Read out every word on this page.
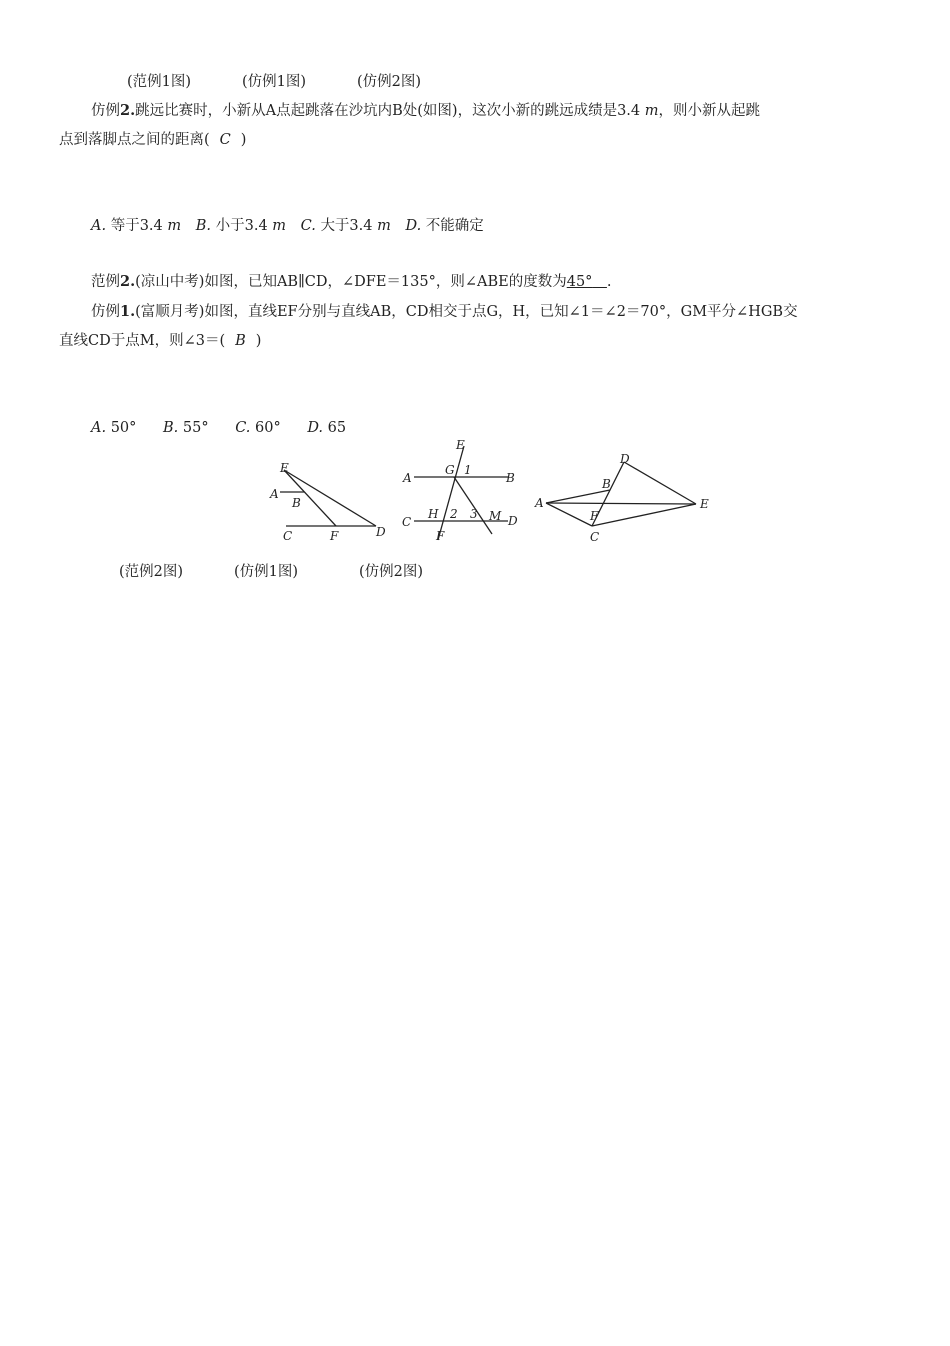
(范例1图)	(仿例1图)	(仿例2图)
仿例2.跳远比赛时，小新从A点起跳落在沙坑内B处(如图)，这次小新的跳远成绩是3.4 m，则小新从起跳
点到落脚点之间的距离( C )
A. 等于3.4 m B. 小于3.4 m C. 大于3.4 m D. 不能确定
范例2.(凉山中考)如图，已知AB∥CD，∠DFE＝135°，则∠ABE的度数为45°  .
仿例1.(富顺月考)如图，直线EF分别与直线AB，CD相交于点G，H，已知∠1＝∠2＝70°，GM平分∠HGB交
直线CD于点M，则∠3＝( B )
A. 50° B. 55° C. 60° D. 65
E
A
B
C	F	D
E
G 1
A	B
C
H 2 3 M D
F
D
B
A
F
E
C
(范例2图)	(仿例1图)	(仿例2图)
